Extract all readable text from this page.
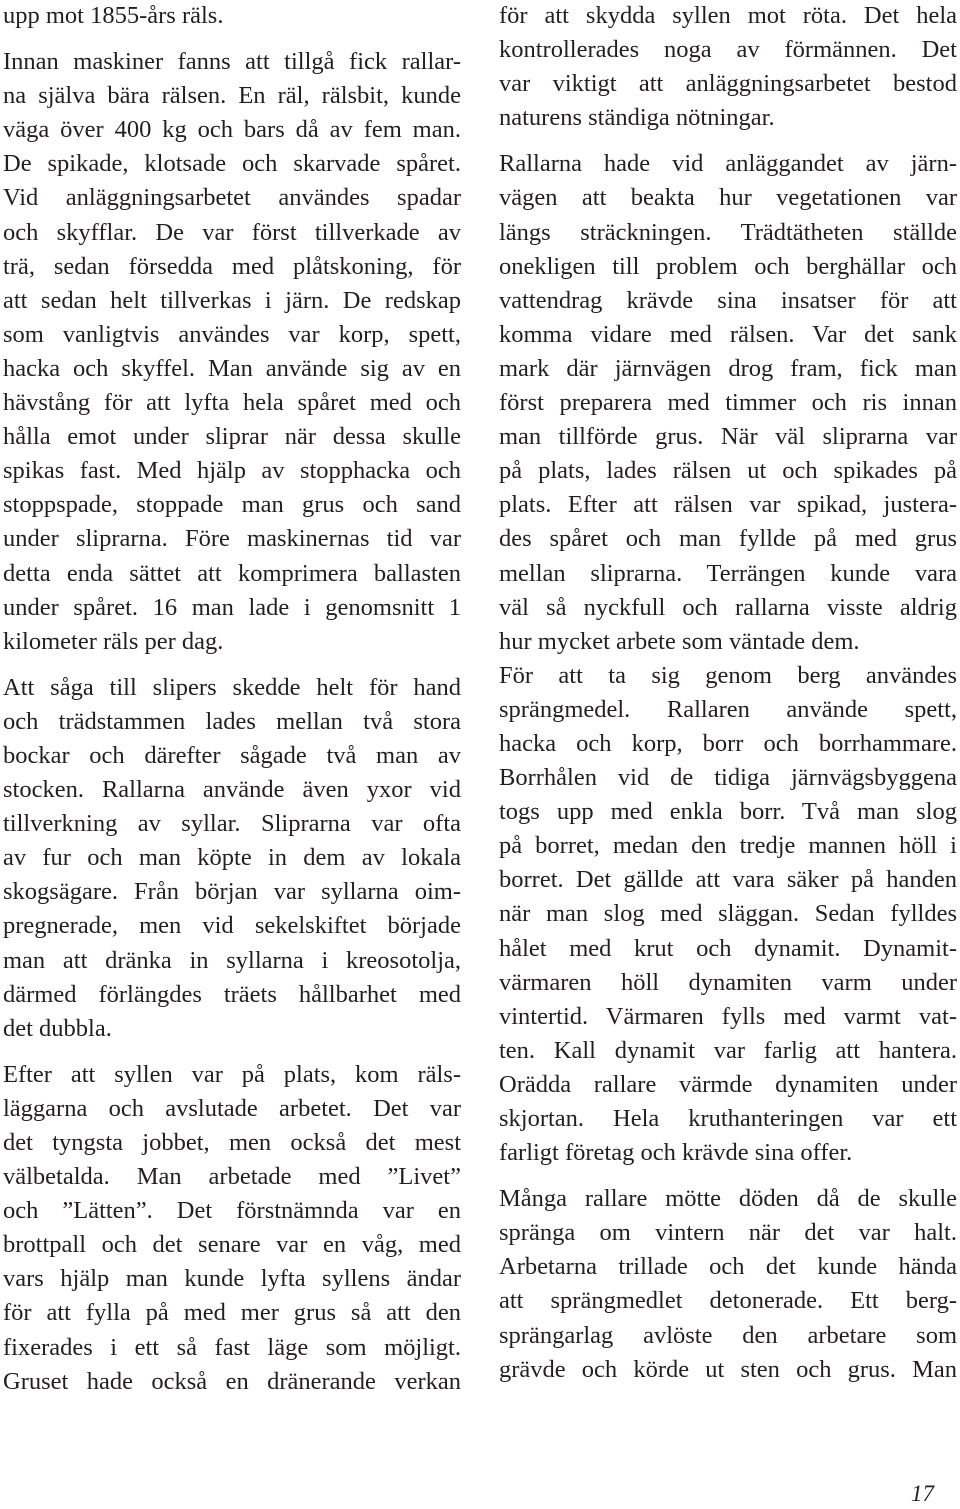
upp mot 1855-års räls.
Innan maskiner fanns att tillgå fick rallar-
na själva bära rälsen. En räl, rälsbit, kunde
väga över 400 kg och bars då av fem man.
De spikade, klotsade och skarvade spåret.
Vid anläggningsarbetet användes spadar
och skyfflar. De var först tillverkade av
trä, sedan försedda med plåtskoning, för
att sedan helt tillverkas i järn. De redskap
som vanligtvis användes var korp, spett,
hacka och skyffel. Man använde sig av en
hävstång för att lyfta hela spåret med och
hålla emot under sliprar när dessa skulle
spikas fast. Med hjälp av stopphacka och
stoppspade, stoppade man grus och sand
under sliprarna. Före maskinernas tid var
detta enda sättet att komprimera ballasten
under spåret. 16 man lade i genomsnitt 1
kilometer räls per dag.
Att såga till slipers skedde helt för hand
och trädstammen lades mellan två stora
bockar och därefter sågade två man av
stocken. Rallarna använde även yxor vid
tillverkning av syllar. Sliprarna var ofta
av fur och man köpte in dem av lokala
skogsägare. Från början var syllarna oim-
pregnerade, men vid sekelskiftet började
man att dränka in syllarna i kreosotolja,
därmed förlängdes träets hållbarhet med
det dubbla.
Efter att syllen var på plats, kom räls-
läggarna och avslutade arbetet. Det var
det tyngsta jobbet, men också det mest
välbetalda. Man arbetade med ”Livet”
och ”Lätten”. Det förstnämnda var en
brottpall och det senare var en våg, med
vars hjälp man kunde lyfta syllens ändar
för att fylla på med mer grus så att den
fixerades i ett så fast läge som möjligt.
Gruset hade också en dränerande verkan
för att skydda syllen mot röta. Det hela
kontrollerades noga av förmännen. Det
var viktigt att anläggningsarbetet bestod
naturens ständiga nötningar.
Rallarna hade vid anläggandet av järn-
vägen att beakta hur vegetationen var
längs sträckningen. Trädtätheten ställde
onekligen till problem och berghällar och
vattendrag krävde sina insatser för att
komma vidare med rälsen. Var det sank
mark där järnvägen drog fram, fick man
först preparera med timmer och ris innan
man tillförde grus. När väl sliprarna var
på plats, lades rälsen ut och spikades på
plats. Efter att rälsen var spikad, justera-
des spåret och man fyllde på med grus
mellan sliprarna. Terrängen kunde vara
väl så nyckfull och rallarna visste aldrig
hur mycket arbete som väntade dem.
För att ta sig genom berg användes
sprängmedel. Rallaren använde spett,
hacka och korp, borr och borrhammare.
Borrhålen vid de tidiga järnvägsbyggena
togs upp med enkla borr. Två man slog
på borret, medan den tredje mannen höll i
borret. Det gällde att vara säker på handen
när man slog med släggan. Sedan fylldes
hålet med krut och dynamit. Dynamit-
värmaren höll dynamiten varm under
vintertid. Värmaren fylls med varmt vat-
ten. Kall dynamit var farlig att hantera.
Orädda rallare värmde dynamiten under
skjortan. Hela kruthanteringen var ett
farligt företag och krävde sina offer.
Många rallare mötte döden då de skulle
spränga om vintern när det var halt.
Arbetarna trillade och det kunde hända
att sprängmedlet detonerade. Ett berg-
sprängarlag avlöste den arbetare som
grävde och körde ut sten och grus. Man
17
